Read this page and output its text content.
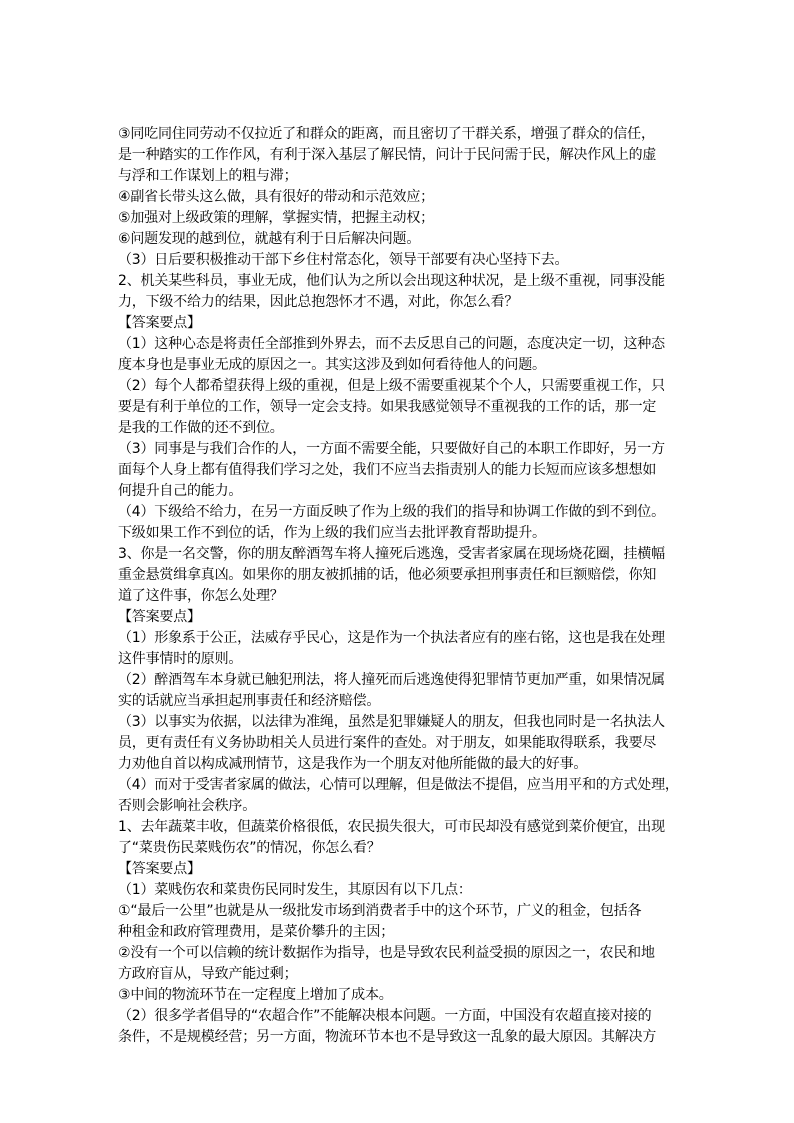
③同吃同住同劳动不仅拉近了和群众的距离，而且密切了干群关系，增强了群众的信任，
是一种踏实的工作作风，有利于深入基层了解民情，问计于民问需于民，解决作风上的虚
与浮和工作谋划上的粗与滞；
④副省长带头这么做，具有很好的带动和示范效应；
⑤加强对上级政策的理解，掌握实情，把握主动权；
⑥问题发现的越到位，就越有利于日后解决问题。
（3）日后要积极推动干部下乡住村常态化，领导干部要有决心坚持下去。
2、机关某些科员，事业无成，他们认为之所以会出现这种状况，是上级不重视，同事没能
力，下级不给力的结果，因此总抱怨怀才不遇，对此，你怎么看？
【答案要点】
（1）这种心态是将责任全部推到外界去，而不去反思自己的问题，态度决定一切，这种态
度本身也是事业无成的原因之一。其实这涉及到如何看待他人的问题。
（2）每个人都希望获得上级的重视，但是上级不需要重视某个个人，只需要重视工作，只
要是有利于单位的工作，领导一定会支持。如果我感觉领导不重视我的工作的话，那一定
是我的工作做的还不到位。
（3）同事是与我们合作的人，一方面不需要全能，只要做好自己的本职工作即好，另一方
面每个人身上都有值得我们学习之处，我们不应当去指责别人的能力长短而应该多想想如
何提升自己的能力。
（4）下级给不给力，在另一方面反映了作为上级的我们的指导和协调工作做的到不到位。
下级如果工作不到位的话，作为上级的我们应当去批评教育帮助提升。
3、你是一名交警，你的朋友醉酒驾车将人撞死后逃逸，受害者家属在现场烧花圈，挂横幅
重金悬赏缉拿真凶。如果你的朋友被抓捕的话，他必须要承担刑事责任和巨额赔偿，你知
道了这件事，你怎么处理？
【答案要点】
（1）形象系于公正，法威存乎民心，这是作为一个执法者应有的座右铭，这也是我在处理
这件事情时的原则。
（2）醉酒驾车本身就已触犯刑法，将人撞死而后逃逸使得犯罪情节更加严重，如果情况属
实的话就应当承担起刑事责任和经济赔偿。
（3）以事实为依据，以法律为准绳，虽然是犯罪嫌疑人的朋友，但我也同时是一名执法人
员，更有责任有义务协助相关人员进行案件的查处。对于朋友，如果能取得联系，我要尽
力劝他自首以构成减刑情节，这是我作为一个朋友对他所能做的最大的好事。
（4）而对于受害者家属的做法，心情可以理解，但是做法不提倡，应当用平和的方式处理，
否则会影响社会秩序。
1、去年蔬菜丰收，但蔬菜价格很低，农民损失很大，可市民却没有感觉到菜价便宜，出现
了“菜贵伤民菜贱伤农”的情况，你怎么看？
【答案要点】
（1）菜贱伤农和菜贵伤民同时发生，其原因有以下几点：
①“最后一公里”也就是从一级批发市场到消费者手中的这个环节，广义的租金，包括各
种租金和政府管理费用，是菜价攀升的主因；
②没有一个可以信赖的统计数据作为指导，也是导致农民利益受损的原因之一，农民和地
方政府盲从，导致产能过剩；
③中间的物流环节在一定程度上增加了成本。
（2）很多学者倡导的“农超合作”不能解决根本问题。一方面，中国没有农超直接对接的
条件，不是规模经营；另一方面，物流环节本也不是导致这一乱象的最大原因。其解决方
